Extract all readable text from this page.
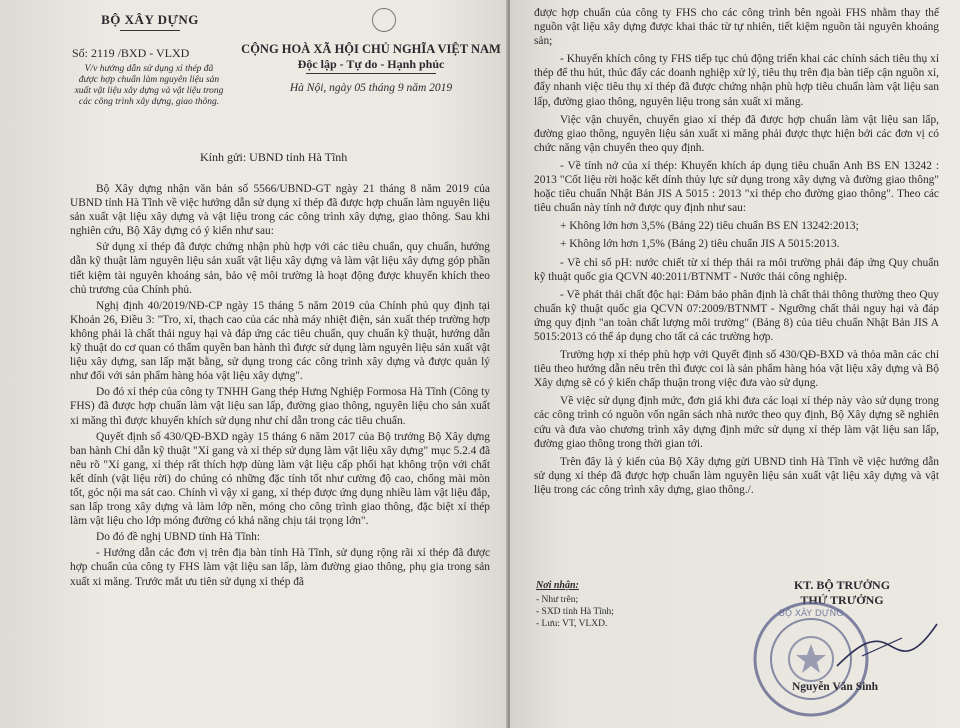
BỘ XÂY DỰNG
Số: 2119 /BXD - VLXD
V/v hướng dẫn sử dụng xỉ thép đã được hợp chuẩn làm nguyên liệu sản xuất vật liệu xây dựng và vật liệu trong các công trình xây dựng, giao thông.
CỘNG HOÀ XÃ HỘI CHỦ NGHĨA VIỆT NAM
Độc lập - Tự do - Hạnh phúc
Hà Nội, ngày 05 tháng 9 năm 2019
Kính gửi: UBND tỉnh Hà Tĩnh

Bộ Xây dựng nhận văn bản số 5566/UBND-GT ngày 21 tháng 8 năm 2019 của UBND tỉnh Hà Tĩnh về việc hướng dẫn sử dụng xỉ thép đã được hợp chuẩn làm nguyên liệu sản xuất vật liệu xây dựng và vật liệu trong các công trình xây dựng, giao thông. Sau khi nghiên cứu, Bộ Xây dựng có ý kiến như sau:

Sử dụng xỉ thép đã được chứng nhận phù hợp với các tiêu chuẩn, quy chuẩn, hướng dẫn kỹ thuật làm nguyên liệu sản xuất vật liệu xây dựng và làm vật liệu xây dựng góp phần tiết kiệm tài nguyên khoáng sản, bảo vệ môi trường là hoạt động được khuyến khích theo chủ trương của Chính phủ.

Nghị định 40/2019/NĐ-CP ngày 15 tháng 5 năm 2019 của Chính phủ quy định tại Khoản 26, Điều 3: "Tro, xỉ, thạch cao của các nhà máy nhiệt điện, sản xuất thép trường hợp không phải là chất thải nguy hại và đáp ứng các tiêu chuẩn, quy chuẩn kỹ thuật, hướng dẫn kỹ thuật do cơ quan có thẩm quyền ban hành thì được sử dụng làm nguyên liệu sản xuất vật liệu xây dựng, san lấp mặt bằng, sử dụng trong các công trình xây dựng và được quản lý như đối với sản phẩm hàng hóa vật liệu xây dựng".

Do đó xỉ thép của công ty TNHH Gang thép Hưng Nghiệp Formosa Hà Tĩnh (Công ty FHS) đã được hợp chuẩn làm vật liệu san lấp, đường giao thông, nguyên liệu cho sản xuất xi măng thì được khuyến khích sử dụng như chỉ dẫn trong các tiêu chuẩn.

Quyết định số 430/QĐ-BXD ngày 15 tháng 6 năm 2017 của Bộ trưởng Bộ Xây dựng ban hành Chỉ dẫn kỹ thuật "Xỉ gang và xỉ thép sử dụng làm vật liệu xây dựng" mục 5.2.4 đã nêu rõ "Xỉ gang, xỉ thép rất thích hợp dùng làm vật liệu cấp phối hạt không trộn với chất kết dính (vật liệu rời) do chúng có những đặc tính tốt như cường độ cao, chống mài mòn tốt, góc nội ma sát cao. Chính vì vậy xỉ gang, xỉ thép được ứng dụng nhiều làm vật liệu đắp, san lấp trong xây dựng và làm lớp nền, móng cho công trình giao thông, đặc biệt xỉ thép làm vật liệu cho lớp móng đường có khả năng chịu tải trọng lớn".

Do đó đề nghị UBND tỉnh Hà Tĩnh:

- Hướng dẫn các đơn vị trên địa bàn tỉnh Hà Tĩnh, sử dụng rộng rãi xỉ thép đã được hợp chuẩn của công ty FHS làm vật liệu san lấp, làm đường giao thông, phụ gia trong sản xuất xi măng. Trước mắt ưu tiên sử dụng xỉ thép đã

được hợp chuẩn của công ty FHS cho các công trình bên ngoài FHS nhằm thay thế nguồn vật liệu xây dựng được khai thác từ tự nhiên, tiết kiệm nguồn tài nguyên khoáng sản;

- Khuyến khích công ty FHS tiếp tục chủ động triển khai các chính sách tiêu thụ xỉ thép để thu hút, thúc đẩy các doanh nghiệp xử lý, tiêu thụ trên địa bàn tiếp cận nguồn xỉ, đẩy nhanh việc tiêu thụ xỉ thép đã được chứng nhận phù hợp tiêu chuẩn làm vật liệu san lấp, đường giao thông, nguyên liệu trong sản xuất xi măng.

Việc vận chuyển, chuyển giao xỉ thép đã được hợp chuẩn làm vật liệu san lấp, đường giao thông, nguyên liệu sản xuất xi măng phải được thực hiện bởi các đơn vị có chức năng vận chuyển theo quy định.

- Về tính nở của xỉ thép: Khuyến khích áp dụng tiêu chuẩn Anh BS EN 13242 : 2013 "Cốt liệu rời hoặc kết dính thủy lực sử dụng trong xây dựng và đường giao thông" hoặc tiêu chuẩn Nhật Bản JIS A 5015 : 2013 "xỉ thép cho đường giao thông". Theo các tiêu chuẩn này tính nở được quy định như sau:

+ Không lớn hơn 3,5% (Bảng 22) tiêu chuẩn BS EN 13242:2013;

+ Không lớn hơn 1,5% (Bảng 2) tiêu chuẩn JIS A 5015:2013.

- Về chỉ số pH: nước chiết từ xỉ thép thải ra môi trường phải đáp ứng Quy chuẩn kỹ thuật quốc gia QCVN 40:2011/BTNMT - Nước thải công nghiệp.

- Về phát thải chất độc hại: Đảm bảo phân định là chất thải thông thường theo Quy chuẩn kỹ thuật quốc gia QCVN 07:2009/BTNMT - Ngưỡng chất thải nguy hại và đáp ứng quy định "an toàn chất lượng môi trường" (Bảng 8) của tiêu chuẩn Nhật Bản JIS A 5015:2013 có thể áp dụng cho tất cả các trường hợp.

Trường hợp xỉ thép phù hợp với Quyết định số 430/QĐ-BXD và thỏa mãn các chỉ tiêu theo hướng dẫn nêu trên thì được coi là sản phẩm hàng hóa vật liệu xây dựng và Bộ Xây dựng sẽ có ý kiến chấp thuận trong việc đưa vào sử dụng.

Về việc sử dụng định mức, đơn giá khi đưa các loại xỉ thép này vào sử dụng trong các công trình có nguồn vốn ngân sách nhà nước theo quy định, Bộ Xây dựng sẽ nghiên cứu và đưa vào chương trình xây dựng định mức sử dụng xỉ thép làm vật liệu san lấp, đường giao thông trong thời gian tới.

Trên đây là ý kiến của Bộ Xây dựng gửi UBND tỉnh Hà Tĩnh về việc hướng dẫn sử dụng xỉ thép đã được hợp chuẩn làm nguyên liệu sản xuất vật liệu xây dựng và vật liệu trong các công trình xây dựng, giao thông./.

Nơi nhận:
- Như trên;
- SXD tỉnh Hà Tĩnh;
- Lưu: VT, VLXD.
KT. BỘ TRƯỞNG
THỨ TRƯỞNG
BỘ XÂY DỰNG
Nguyễn Văn Sinh
